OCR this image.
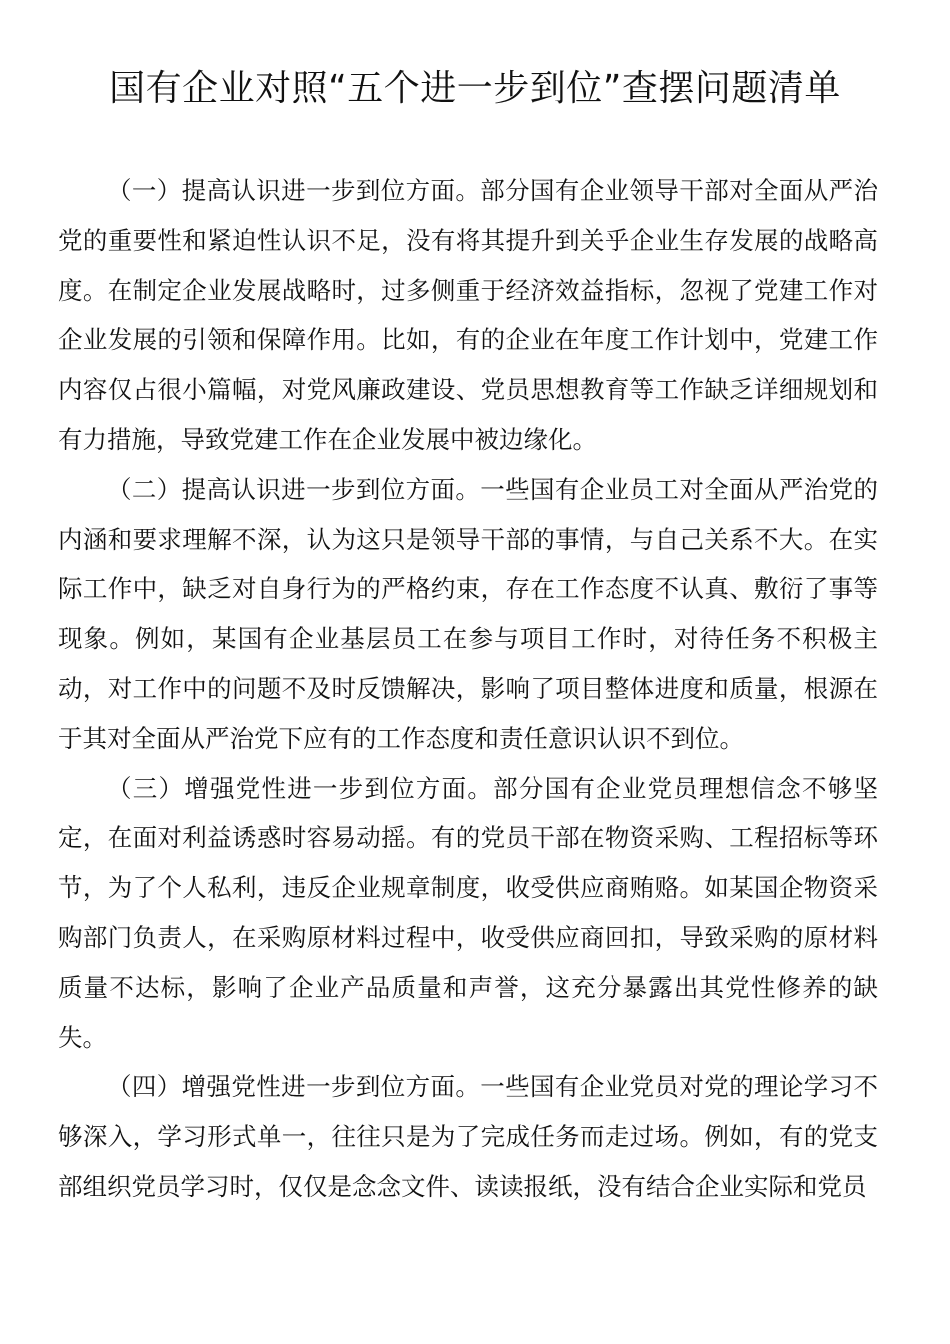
国有企业对照“五个进一步到位”查摆问题清单

（一）提高认识进一步到位方面。部分国有企业领导干部对全面从严治党的重要性和紧迫性认识不足，没有将其提升到关乎企业生存发展的战略高度。在制定企业发展战略时，过多侧重于经济效益指标，忽视了党建工作对企业发展的引领和保障作用。比如，有的企业在年度工作计划中，党建工作内容仅占很小篇幅，对党风廉政建设、党员思想教育等工作缺乏详细规划和有力措施，导致党建工作在企业发展中被边缘化。

（二）提高认识进一步到位方面。一些国有企业员工对全面从严治党的内涵和要求理解不深，认为这只是领导干部的事情，与自己关系不大。在实际工作中，缺乏对自身行为的严格约束，存在工作态度不认真、敷衍了事等现象。例如，某国有企业基层员工在参与项目工作时，对待任务不积极主动，对工作中的问题不及时反馈解决，影响了项目整体进度和质量，根源在于其对全面从严治党下应有的工作态度和责任意识认识不到位。

（三）增强党性进一步到位方面。部分国有企业党员理想信念不够坚定，在面对利益诱惑时容易动摇。有的党员干部在物资采购、工程招标等环节，为了个人私利，违反企业规章制度，收受供应商贿赂。如某国企物资采购部门负责人，在采购原材料过程中，收受供应商回扣，导致采购的原材料质量不达标，影响了企业产品质量和声誉，这充分暴露出其党性修养的缺失。

（四）增强党性进一步到位方面。一些国有企业党员对党的理论学习不够深入，学习形式单一，往往只是为了完成任务而走过场。例如，有的党支部组织党员学习时，仅仅是念念文件、读读报纸，没有结合企业实际和党员
